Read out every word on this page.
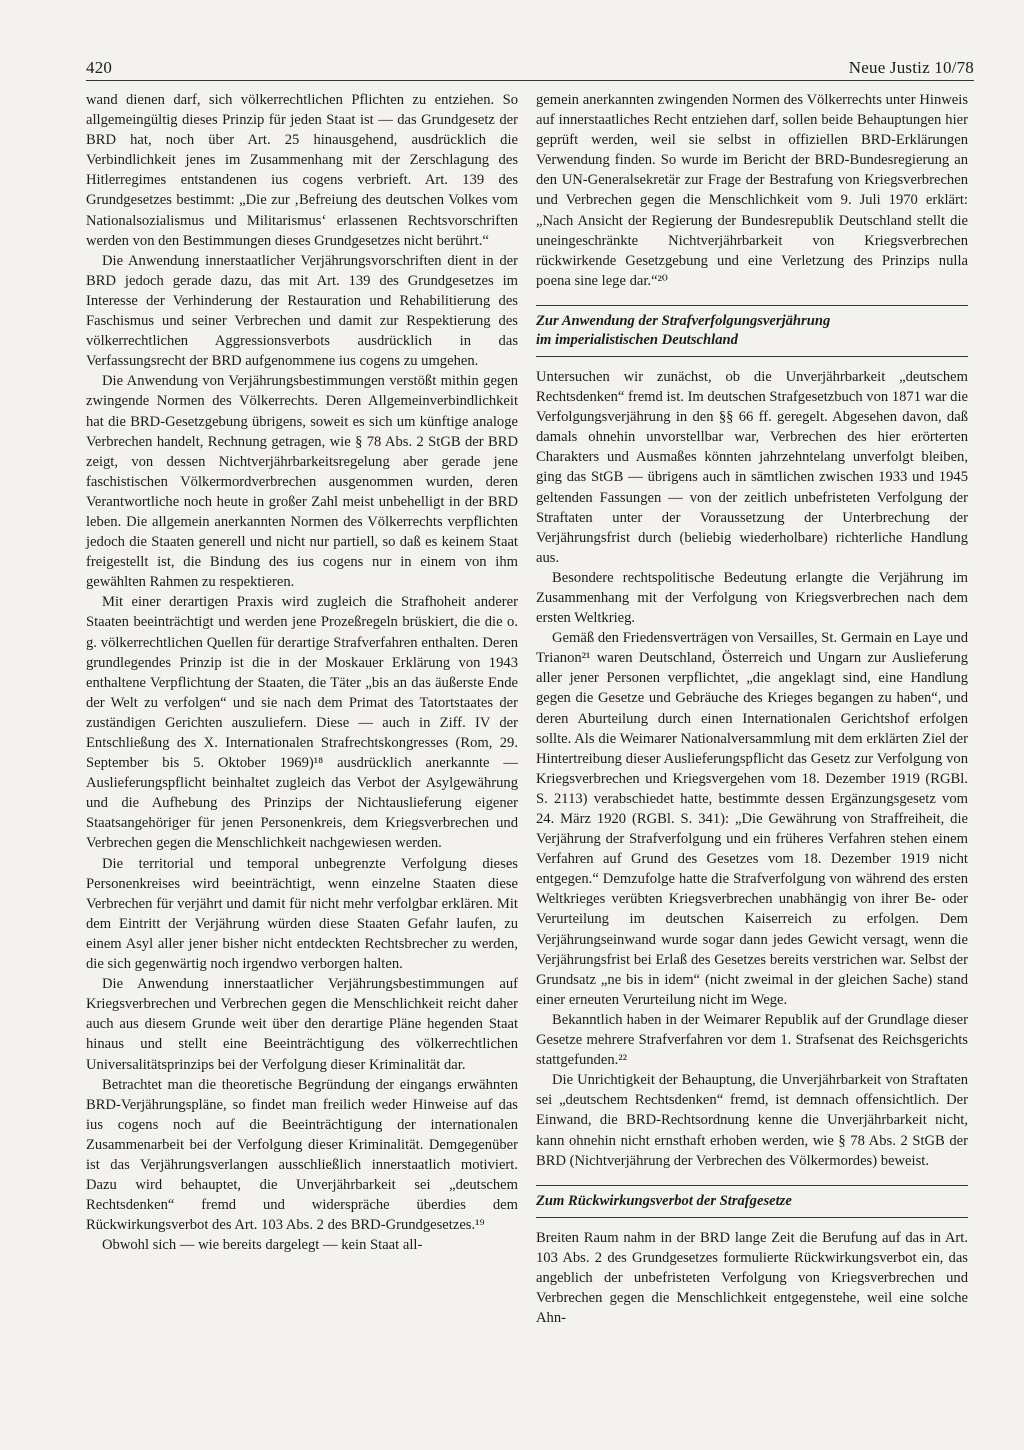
420	Neue Justiz 10/78

wand dienen darf, sich völkerrechtlichen Pflichten zu entziehen. So allgemeingültig dieses Prinzip für jeden Staat ist — das Grundgesetz der BRD hat, noch über Art. 25 hinausgehend, ausdrücklich die Verbindlichkeit jenes im Zusammenhang mit der Zerschlagung des Hitlerregimes entstandenen ius cogens verbrieft. Art. 139 des Grundgesetzes bestimmt: „Die zur ‚Befreiung des deutschen Volkes vom Nationalsozialismus und Militarismus‘ erlassenen Rechtsvorschriften werden von den Bestimmungen dieses Grundgesetzes nicht berührt.“

Die Anwendung innerstaatlicher Verjährungsvorschriften dient in der BRD jedoch gerade dazu, das mit Art. 139 des Grundgesetzes im Interesse der Verhinderung der Restauration und Rehabilitierung des Faschismus und seiner Verbrechen und damit zur Respektierung des völkerrechtlichen Aggressionsverbots ausdrücklich in das Verfassungsrecht der BRD aufgenommene ius cogens zu umgehen.

Die Anwendung von Verjährungsbestimmungen verstößt mithin gegen zwingende Normen des Völkerrechts. Deren Allgemeinverbindlichkeit hat die BRD-Gesetzgebung übrigens, soweit es sich um künftige analoge Verbrechen handelt, Rechnung getragen, wie § 78 Abs. 2 StGB der BRD zeigt, von dessen Nichtverjährbarkeitsregelung aber gerade jene faschistischen Völkermordverbrechen ausgenommen wurden, deren Verantwortliche noch heute in großer Zahl meist unbehelligt in der BRD leben. Die allgemein anerkannten Normen des Völkerrechts verpflichten jedoch die Staaten generell und nicht nur partiell, so daß es keinem Staat freigestellt ist, die Bindung des ius cogens nur in einem von ihm gewählten Rahmen zu respektieren.

Mit einer derartigen Praxis wird zugleich die Strafhoheit anderer Staaten beeinträchtigt und werden jene Prozeßregeln brüskiert, die die o. g. völkerrechtlichen Quellen für derartige Strafverfahren enthalten. Deren grundlegendes Prinzip ist die in der Moskauer Erklärung von 1943 enthaltene Verpflichtung der Staaten, die Täter „bis an das äußerste Ende der Welt zu verfolgen“ und sie nach dem Primat des Tatortstaates der zuständigen Gerichten auszuliefern. Diese — auch in Ziff. IV der Entschließung des X. Internationalen Strafrechtskongresses (Rom, 29. September bis 5. Oktober 1969)¹⁸ ausdrücklich anerkannte — Auslieferungspflicht beinhaltet zugleich das Verbot der Asylgewährung und die Aufhebung des Prinzips der Nichtauslieferung eigener Staatsangehöriger für jenen Personenkreis, dem Kriegsverbrechen und Verbrechen gegen die Menschlichkeit nachgewiesen werden.

Die territorial und temporal unbegrenzte Verfolgung dieses Personenkreises wird beeinträchtigt, wenn einzelne Staaten diese Verbrechen für verjährt und damit für nicht mehr verfolgbar erklären. Mit dem Eintritt der Verjährung würden diese Staaten Gefahr laufen, zu einem Asyl aller jener bisher nicht entdeckten Rechtsbrecher zu werden, die sich gegenwärtig noch irgendwo verborgen halten.

Die Anwendung innerstaatlicher Verjährungsbestimmungen auf Kriegsverbrechen und Verbrechen gegen die Menschlichkeit reicht daher auch aus diesem Grunde weit über den derartige Pläne hegenden Staat hinaus und stellt eine Beeinträchtigung des völkerrechtlichen Universalitätsprinzips bei der Verfolgung dieser Kriminalität dar.

Betrachtet man die theoretische Begründung der eingangs erwähnten BRD-Verjährungspläne, so findet man freilich weder Hinweise auf das ius cogens noch auf die Beeinträchtigung der internationalen Zusammenarbeit bei der Verfolgung dieser Kriminalität. Demgegenüber ist das Verjährungsverlangen ausschließlich innerstaatlich motiviert. Dazu wird behauptet, die Unverjährbarkeit sei „deutschem Rechtsdenken“ fremd und widerspräche überdies dem Rückwirkungsverbot des Art. 103 Abs. 2 des BRD-Grundgesetzes.¹⁹

Obwohl sich — wie bereits dargelegt — kein Staat all-

gemein anerkannten zwingenden Normen des Völkerrechts unter Hinweis auf innerstaatliches Recht entziehen darf, sollen beide Behauptungen hier geprüft werden, weil sie selbst in offiziellen BRD-Erklärungen Verwendung finden. So wurde im Bericht der BRD-Bundesregierung an den UN-Generalsekretär zur Frage der Bestrafung von Kriegsverbrechen und Verbrechen gegen die Menschlichkeit vom 9. Juli 1970 erklärt: „Nach Ansicht der Regierung der Bundesrepublik Deutschland stellt die uneingeschränkte Nichtverjährbarkeit von Kriegsverbrechen rückwirkende Gesetzgebung und eine Verletzung des Prinzips nulla poena sine lege dar.“²⁰

Zur Anwendung der Strafverfolgungsverjährung
im imperialistischen Deutschland

Untersuchen wir zunächst, ob die Unverjährbarkeit „deutschem Rechtsdenken“ fremd ist. Im deutschen Strafgesetzbuch von 1871 war die Verfolgungsverjährung in den §§ 66 ff. geregelt. Abgesehen davon, daß damals ohnehin unvorstellbar war, Verbrechen des hier erörterten Charakters und Ausmaßes könnten jahrzehntelang unverfolgt bleiben, ging das StGB — übrigens auch in sämtlichen zwischen 1933 und 1945 geltenden Fassungen — von der zeitlich unbefristeten Verfolgung der Straftaten unter der Voraussetzung der Unterbrechung der Verjährungsfrist durch (beliebig wiederholbare) richterliche Handlung aus.

Besondere rechtspolitische Bedeutung erlangte die Verjährung im Zusammenhang mit der Verfolgung von Kriegsverbrechen nach dem ersten Weltkrieg.

Gemäß den Friedensverträgen von Versailles, St. Germain en Laye und Trianon²¹ waren Deutschland, Österreich und Ungarn zur Auslieferung aller jener Personen verpflichtet, „die angeklagt sind, eine Handlung gegen die Gesetze und Gebräuche des Krieges begangen zu haben“, und deren Aburteilung durch einen Internationalen Gerichtshof erfolgen sollte. Als die Weimarer Nationalversammlung mit dem erklärten Ziel der Hintertreibung dieser Auslieferungspflicht das Gesetz zur Verfolgung von Kriegsverbrechen und Kriegsvergehen vom 18. Dezember 1919 (RGBl. S. 2113) verabschiedet hatte, bestimmte dessen Ergänzungsgesetz vom 24. März 1920 (RGBl. S. 341): „Die Gewährung von Straffreiheit, die Verjährung der Strafverfolgung und ein früheres Verfahren stehen einem Verfahren auf Grund des Gesetzes vom 18. Dezember 1919 nicht entgegen.“ Demzufolge hatte die Strafverfolgung von während des ersten Weltkrieges verübten Kriegsverbrechen unabhängig von ihrer Be- oder Verurteilung im deutschen Kaiserreich zu erfolgen. Dem Verjährungseinwand wurde sogar dann jedes Gewicht versagt, wenn die Verjährungsfrist bei Erlaß des Gesetzes bereits verstrichen war. Selbst der Grundsatz „ne bis in idem“ (nicht zweimal in der gleichen Sache) stand einer erneuten Verurteilung nicht im Wege.

Bekanntlich haben in der Weimarer Republik auf der Grundlage dieser Gesetze mehrere Strafverfahren vor dem 1. Strafsenat des Reichsgerichts stattgefunden.²²

Die Unrichtigkeit der Behauptung, die Unverjährbarkeit von Straftaten sei „deutschem Rechtsdenken“ fremd, ist demnach offensichtlich. Der Einwand, die BRD-Rechtsordnung kenne die Unverjährbarkeit nicht, kann ohnehin nicht ernsthaft erhoben werden, wie § 78 Abs. 2 StGB der BRD (Nichtverjährung der Verbrechen des Völkermordes) beweist.

Zum Rückwirkungsverbot der Strafgesetze

Breiten Raum nahm in der BRD lange Zeit die Berufung auf das in Art. 103 Abs. 2 des Grundgesetzes formulierte Rückwirkungsverbot ein, das angeblich der unbefristeten Verfolgung von Kriegsverbrechen und Verbrechen gegen die Menschlichkeit entgegenstehe, weil eine solche Ahn-
